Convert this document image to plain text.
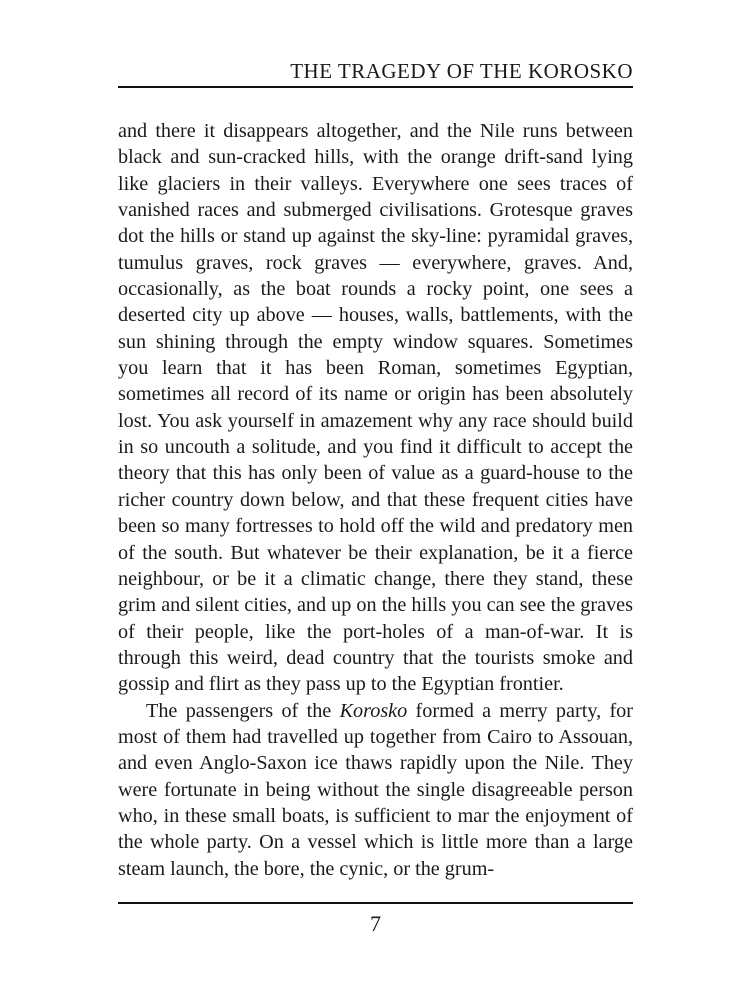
THE TRAGEDY OF THE KOROSKO

and there it disappears altogether, and the Nile runs between black and sun-cracked hills, with the orange drift-sand lying like glaciers in their valleys. Everywhere one sees traces of vanished races and submerged civilisations. Grotesque graves dot the hills or stand up against the sky-line: pyramidal graves, tumulus graves, rock graves — everywhere, graves. And, occasionally, as the boat rounds a rocky point, one sees a deserted city up above — houses, walls, battlements, with the sun shining through the empty window squares. Sometimes you learn that it has been Roman, sometimes Egyptian, sometimes all record of its name or origin has been absolutely lost. You ask yourself in amazement why any race should build in so uncouth a solitude, and you find it difficult to accept the theory that this has only been of value as a guard-house to the richer country down below, and that these frequent cities have been so many fortresses to hold off the wild and predatory men of the south. But whatever be their explanation, be it a fierce neighbour, or be it a climatic change, there they stand, these grim and silent cities, and up on the hills you can see the graves of their people, like the port-holes of a man-of-war. It is through this weird, dead country that the tourists smoke and gossip and flirt as they pass up to the Egyptian frontier.

The passengers of the Korosko formed a merry party, for most of them had travelled up together from Cairo to Assouan, and even Anglo-Saxon ice thaws rapidly upon the Nile. They were fortunate in being without the single disagreeable person who, in these small boats, is sufficient to mar the enjoyment of the whole party. On a vessel which is little more than a large steam launch, the bore, the cynic, or the grum-

7
